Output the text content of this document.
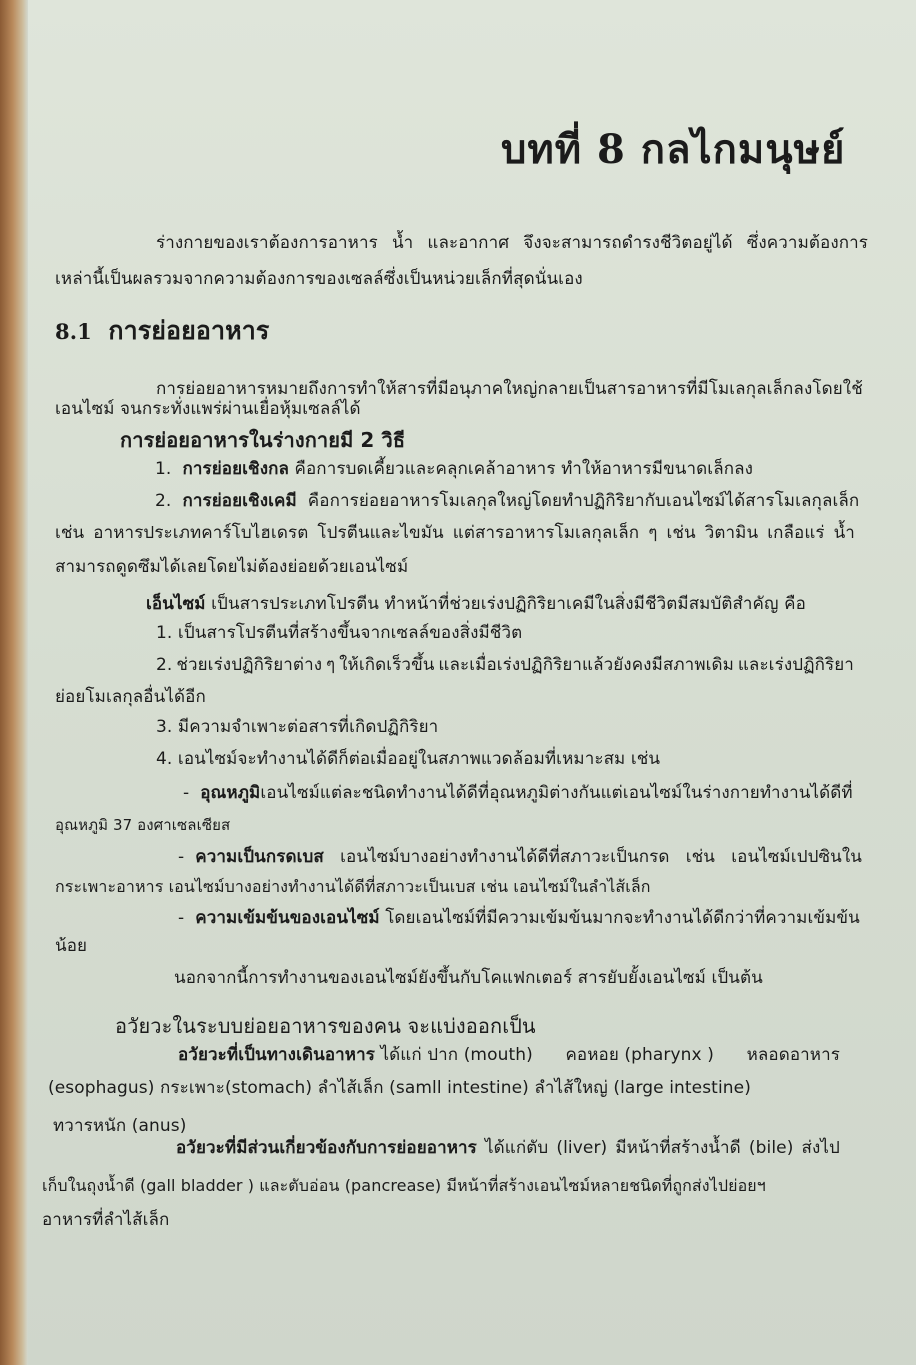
บทที่ 8 กลไกมนุษย์
ร่างกายของเราต้องการอาหาร น้ำ และอากาศ จึงจะสามารถดำรงชีวิตอยู่ได้ ซึ่งความต้องการ
เหล่านี้เป็นผลรวมจากความต้องการของเซลล์ซึ่งเป็นหน่วยเล็กที่สุดนั่นเอง
8.1 การย่อยอาหาร
การย่อยอาหาร หมายถึงการทำให้สารที่มีอนุภาคใหญ่กลายเป็นสารอาหารที่มีโมเลกุลเล็กลง โดยใช้
เอนไซม์ จนกระทั่งแพร่ผ่านเยื่อหุ้มเซลล์ได้
การย่อยอาหารในร่างกายมี 2 วิธี
1. การย่อยเชิงกล คือการบดเคี้ยวและคลุกเคล้าอาหาร ทำให้อาหารมีขนาดเล็กลง
2. การย่อยเชิงเคมี คือการย่อยอาหารโมเลกุลใหญ่โดยทำปฏิกิริยากับเอนไซม์ ได้สารโมเลกุลเล็ก
เช่น อาหารประเภทคาร์โบไฮเดรต โปรตีนและไขมัน แต่สารอาหารโมเลกุลเล็ก ๆ เช่น วิตามิน เกลือแร่ น้ำ
สามารถดูดซึมได้เลยโดยไม่ต้องย่อยด้วยเอนไซม์
เอ็นไซม์ เป็นสารประเภทโปรตีน ทำหน้าที่ช่วยเร่งปฏิกิริยาเคมีในสิ่งมีชีวิตมีสมบัติสำคัญ คือ
1. เป็นสารโปรตีนที่สร้างขึ้นจากเซลล์ของสิ่งมีชีวิต
2. ช่วยเร่งปฏิกิริยาต่าง ๆ ให้เกิดเร็วขึ้น และเมื่อเร่งปฏิกิริยาแล้วยังคงมีสภาพเดิม และเร่งปฏิกิริยา
ย่อยโมเลกุลอื่นได้อีก
3. มีความจำเพาะต่อสารที่เกิดปฏิกิริยา
4. เอนไซม์จะทำงานได้ดีก็ต่อเมื่ออยู่ในสภาพแวดล้อมที่เหมาะสม เช่น
- อุณหภูมิ เอนไซม์แต่ละชนิดทำงานได้ดีที่อุณหภูมิต่างกัน แต่เอนไซม์ในร่างกายทำงานได้ดีที่
อุณหภูมิ 37 องศาเซลเซียส
- ความเป็นกรดเบส เอนไซม์บางอย่างทำงานได้ดีที่สภาวะเป็นกรด เช่น เอนไซม์เปปซินใน
กระเพาะอาหาร เอนไซม์บางอย่างทำงานได้ดีที่สภาวะเป็นเบส เช่น เอนไซม์ในลำไส้เล็ก
- ความเข้มข้นของเอนไซม์ โดยเอนไซม์ที่มีความเข้มข้นมากจะทำงานได้ดีกว่าที่ความเข้มข้น
น้อย
นอกจากนี้การทำงานของเอนไซม์ยังขึ้นกับโคแฟกเตอร์ สารยับยั้งเอนไซม์ เป็นต้น
อวัยวะในระบบย่อยอาหารของคน จะแบ่งออกเป็น
อวัยวะที่เป็นทางเดินอาหาร ได้แก่ ปาก (mouth) คอหอย (pharynx ) หลอดอาหาร
(esophagus) กระเพาะ(stomach) ลำไส้เล็ก (samll intestine) ลำไส้ใหญ่ (large intestine)
ทวารหนัก (anus)
อวัยวะที่มีส่วนเกี่ยวข้องกับการย่อยอาหาร ได้แก่ตับ (liver) มีหน้าที่สร้างน้ำดี (bile) ส่งไป
เก็บในถุงน้ำดี (gall bladder ) และตับอ่อน (pancrease) มีหน้าที่สร้างเอนไซม์หลายชนิดที่ถูกส่งไปย่อยฯ
อาหารที่ลำไส้เล็ก
